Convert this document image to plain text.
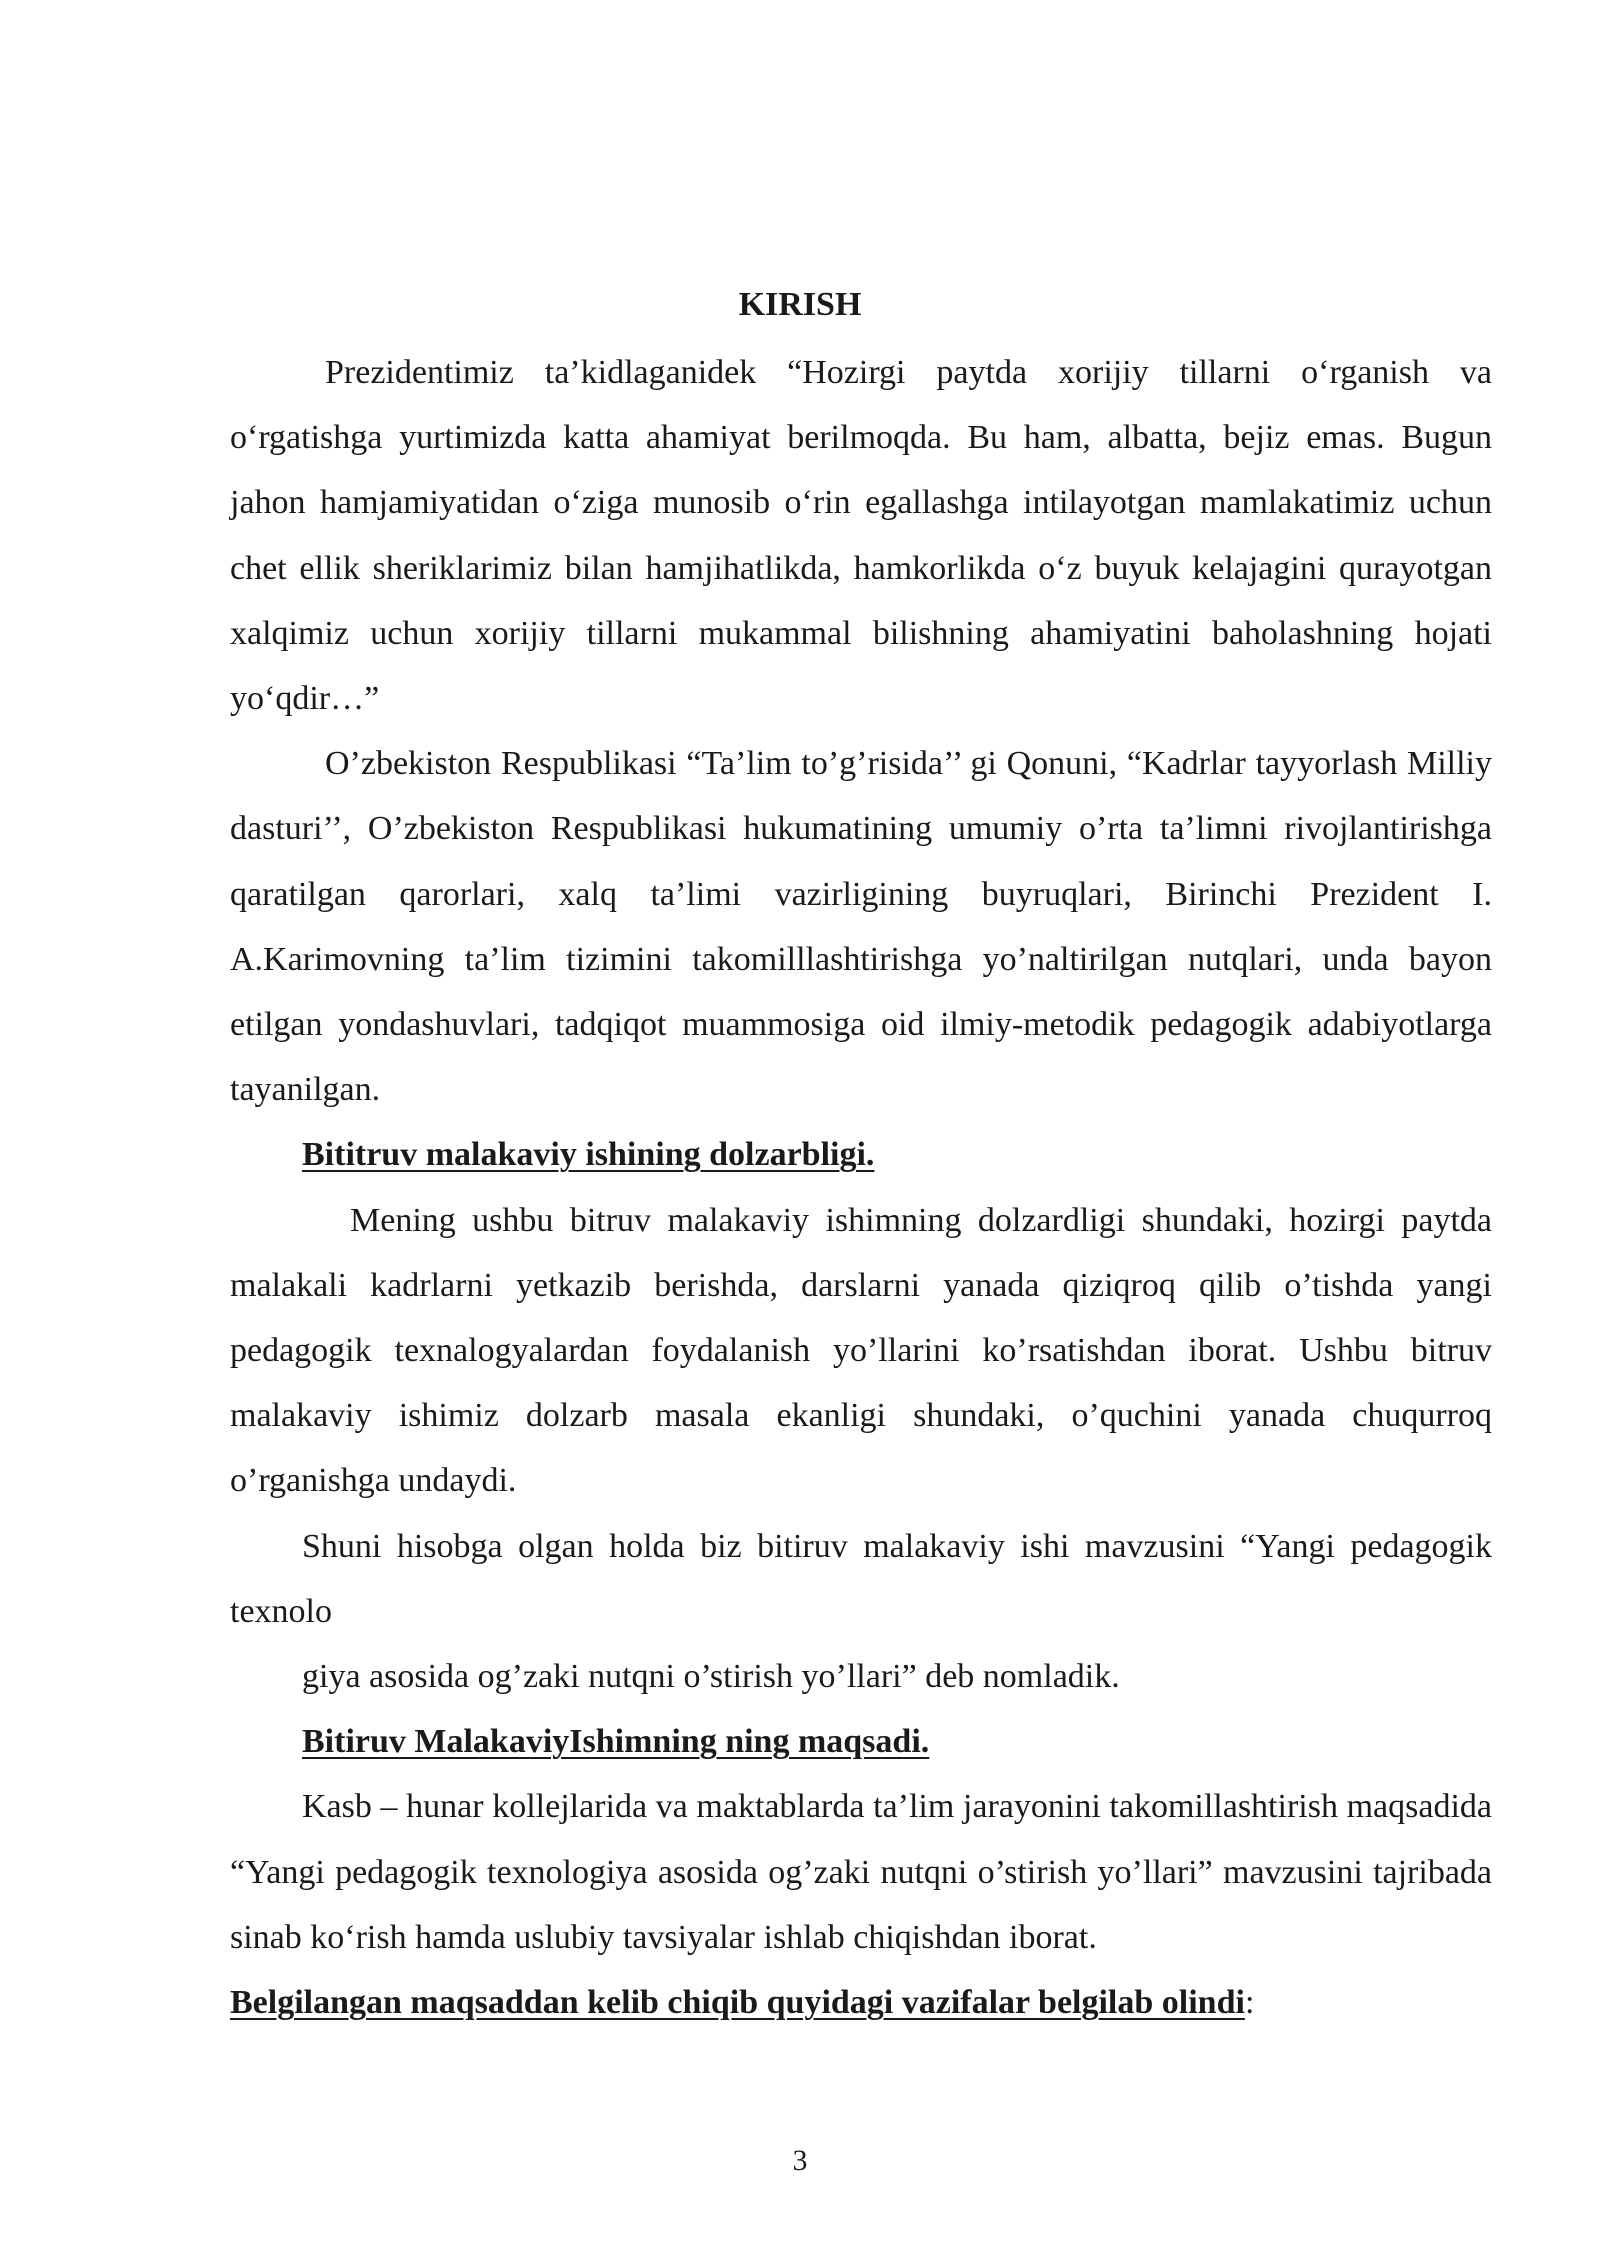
KIRISH

Prezidentimiz ta’kidlaganidek “Hozirgi paytda xorijiy tillarni o‘rganish va o‘rgatishga yurtimizda katta ahamiyat berilmoqda. Bu ham, albatta, bejiz emas. Bugun jahon hamjamiyatidan o‘ziga munosib o‘rin egallashga intilayotgan mamlakatimiz uchun chet ellik sheriklarimiz bilan hamjihatlikda, hamkorlikda o‘z buyuk kelajagini qurayotgan xalqimiz uchun xorijiy tillarni mukammal bilishning ahamiyatini baholashning hojati yo‘qdir…”

O’zbekiston Respublikasi “Ta’lim to’g’risida’’ gi Qonuni, “Kadrlar tayyorlash Milliy dasturi’’, O’zbekiston Respublikasi hukumatining umumiy o’rta ta’limni rivojlantirishga qaratilgan qarorlari, xalq ta’limi vazirligining buyruqlari, Birinchi Prezident I. A.Karimovning ta’lim tizimini takomilllashtirishga yo’naltirilgan nutqlari, unda bayon etilgan yondashuvlari, tadqiqot muammosiga oid ilmiy-metodik pedagogik adabiyotlarga tayanilgan.

Bititruv malakaviy ishining dolzarbligi.

Mening ushbu bitruv malakaviy ishimning dolzardligi shundaki, hozirgi paytda malakali kadrlarni yetkazib berishda, darslarni yanada qiziqroq qilib o’tishda yangi pedagogik texnalogyalardan foydalanish yo’llarini ko’rsatishdan iborat. Ushbu bitruv malakaviy ishimiz dolzarb masala ekanligi shundaki, o’quchini yanada chuqurroq o’rganishga undaydi.

Shuni hisobga olgan holda biz bitiruv malakaviy ishi mavzusini “Yangi pedagogik texnolo

giya asosida og’zaki nutqni o’stirish yo’llari” deb nomladik.

Bitiruv MalakaviyIshimning ning maqsadi.

Kasb – hunar kollejlarida va maktablarda ta’lim jarayonini takomillashtirish maqsadida “Yangi pedagogik texnologiya asosida og’zaki nutqni o’stirish yo’llari” mavzusini tajribada sinab ko‘rish hamda uslubiy tavsiyalar ishlab chiqishdan iborat.

Belgilangan maqsaddan kelib chiqib quyidagi vazifalar belgilab olindi:

3
